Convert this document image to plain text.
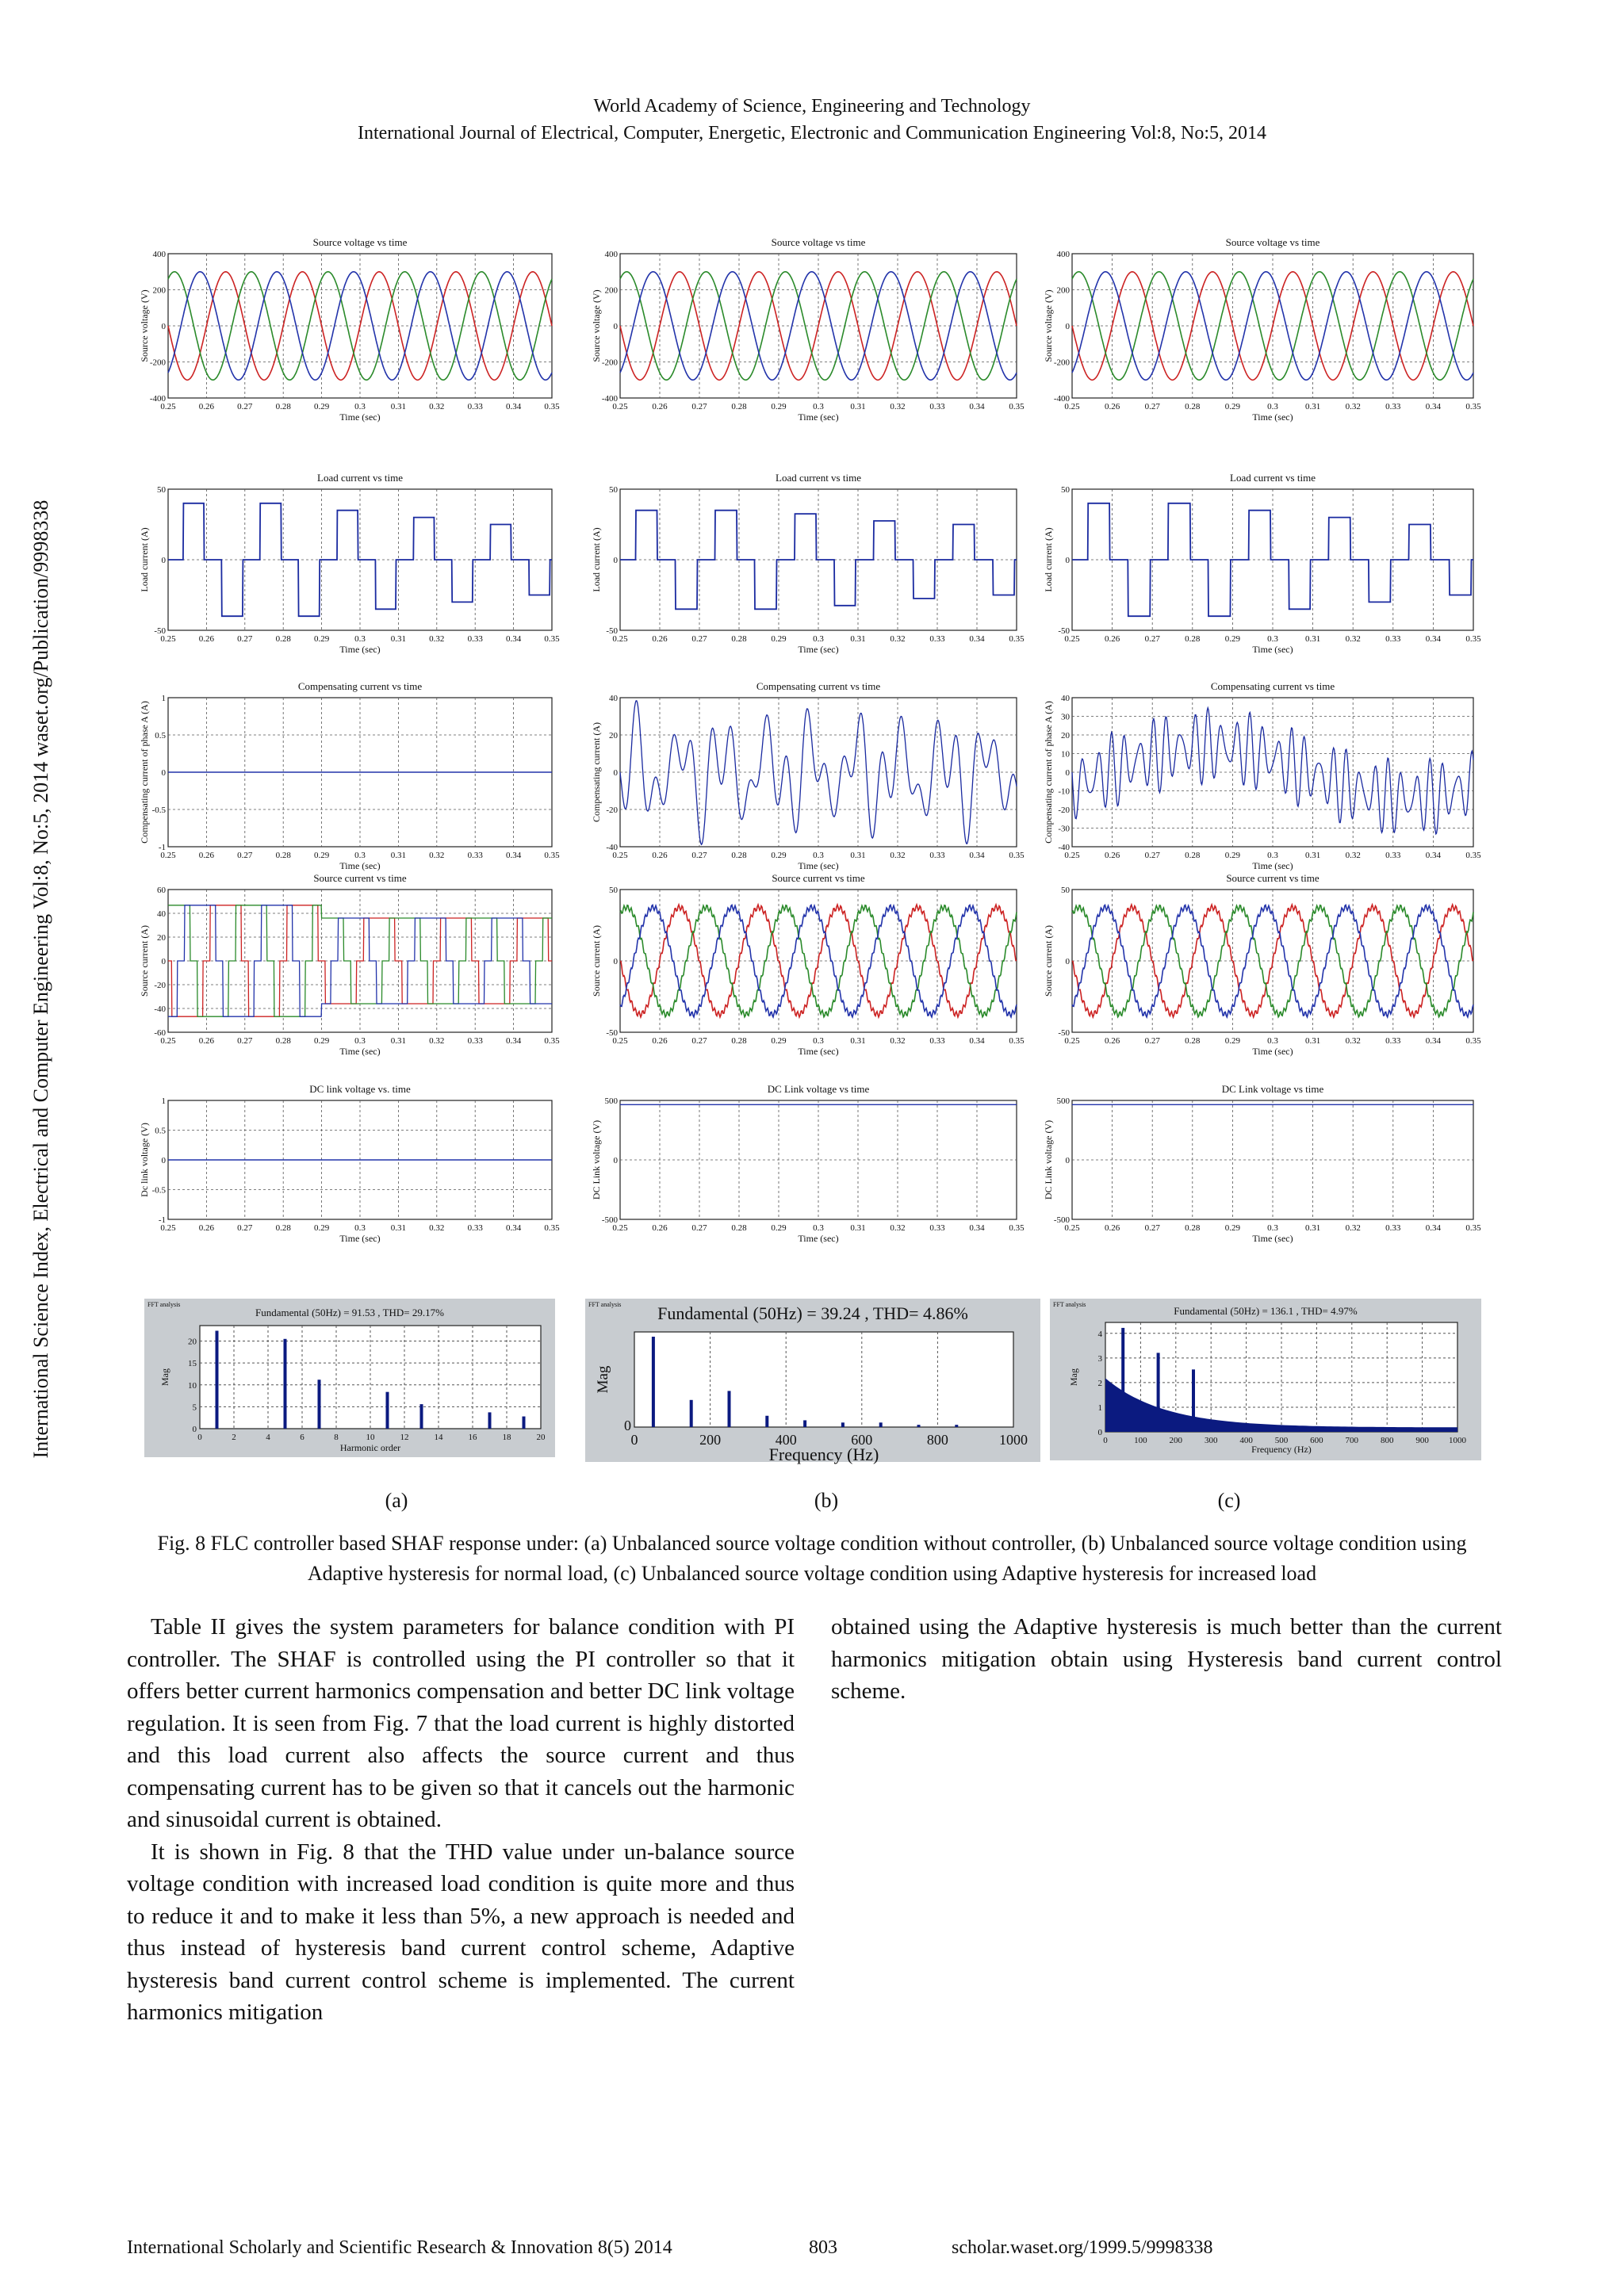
World Academy of Science, Engineering and Technology
International Journal of Electrical, Computer, Energetic, Electronic and Communication Engineering Vol:8, No:5, 2014
International Science Index, Electrical and Computer Engineering Vol:8, No:5, 2014 waset.org/Publication/9998338
Source voltage vs time
400
200
0
-200
-400
0.25	0.26	0.27	0.28	0.29	0.3	0.31	0.32	0.33	0.34	0.35
Time (sec)
Source voltage (V)
Source voltage vs time
400
200
0
-200
-400
0.25	0.26	0.27	0.28	0.29	0.3	0.31	0.32	0.33	0.34	0.35
Time (sec)
Source voltage (V)
Source voltage vs time
400
200
0
-200
-400
0.25	0.26	0.27	0.28	0.29	0.3	0.31	0.32	0.33	0.34	0.35
Time (sec)
Source voltage (V)
Load current vs time
50
0
-50
0.25	0.26	0.27	0.28	0.29	0.3	0.31	0.32	0.33	0.34	0.35
Time (sec)
Load current (A)
Load current vs time
50
0
-50
0.25	0.26	0.27	0.28	0.29	0.3	0.31	0.32	0.33	0.34	0.35
Time (sec)
Load current (A)
Load current vs time
50
0
-50
0.25	0.26	0.27	0.28	0.29	0.3	0.31	0.32	0.33	0.34	0.35
Time (sec)
Load current (A)
Compensating current vs time
1
0.5
0
-0.5
-1
0.25	0.26	0.27	0.28	0.29	0.3	0.31	0.32	0.33	0.34	0.35
Time (sec)
Compensating current of phase A (A)
Compensating current vs time
40
20
0
-20
-40
0.25	0.26	0.27	0.28	0.29	0.3	0.31	0.32	0.33	0.34	0.35
Time (sec)
Compensating current (A)
Compensating current vs time
40
30
20
10
0
-10
-20
-30
-40
0.25	0.26	0.27	0.28	0.29	0.3	0.31	0.32	0.33	0.34	0.35
Time (sec)
Compensating current of phase A (A)
Source current vs time
60
40
20
0
-20
-40
-60
0.25	0.26	0.27	0.28	0.29	0.3	0.31	0.32	0.33	0.34	0.35
Time (sec)
Source current (A)
Source current vs time
50
0
-50
0.25	0.26	0.27	0.28	0.29	0.3	0.31	0.32	0.33	0.34	0.35
Time (sec)
Source current (A)
Source current vs time
50
0
-50
0.25	0.26	0.27	0.28	0.29	0.3	0.31	0.32	0.33	0.34	0.35
Time (sec)
Source current (A)
DC link voltage vs. time
1
0.5
0
-0.5
-1
0.25	0.26	0.27	0.28	0.29	0.3	0.31	0.32	0.33	0.34	0.35
Time (sec)
Dc link voltage (V)
DC Link voltage vs time
500
0
-500
0.25	0.26	0.27	0.28	0.29	0.3	0.31	0.32	0.33	0.34	0.35
Time (sec)
DC Link voltage (V)
DC Link voltage vs time
500
0
-500
0.25	0.26	0.27	0.28	0.29	0.3	0.31	0.32	0.33	0.34	0.35
Time (sec)
DC Link voltage (V)
FFT analysis
Fundamental (50Hz) = 91.53 , THD= 29.17%
0	2	4	6	8	10	12	14	16	18	20
Harmonic order
0
5
10
15
20
Mag
FFT analysis Fundamental (50Hz) = 39.24 , THD= 4.86%
0	200	400	600	800	1000
Frequency (Hz)
0
Mag
FFT analysis
Fundamental (50Hz) = 136.1 , THD= 4.97%
0	100	200	300	400	500	600	700	800	900 1000
Frequency (Hz)
0
1
2
3
4
Mag
(a)	(b)	(c)
Fig. 8 FLC controller based SHAF response under: (a) Unbalanced source voltage condition without controller, (b) Unbalanced source voltage condition using Adaptive hysteresis for normal load, (c) Unbalanced source voltage condition using Adaptive hysteresis for increased load

Table II gives the system parameters for balance condition with PI controller. The SHAF is controlled using the PI controller so that it offers better current harmonics compensation and better DC link voltage regulation. It is seen from Fig. 7 that the load current is highly distorted and this load current also affects the source current and thus compensating current has to be given so that it cancels out the harmonic and sinusoidal current is obtained.

It is shown in Fig. 8 that the THD value under un-balance source voltage condition with increased load condition is quite more and thus to reduce it and to make it less than 5%, a new approach is needed and thus instead of hysteresis band current control scheme, Adaptive hysteresis band current control scheme is implemented. The current harmonics mitigation

obtained using the Adaptive hysteresis is much better than the current harmonics mitigation obtain using Hysteresis band current control scheme.

International Scholarly and Scientific Research & Innovation 8(5) 2014	803	scholar.waset.org/1999.5/9998338
